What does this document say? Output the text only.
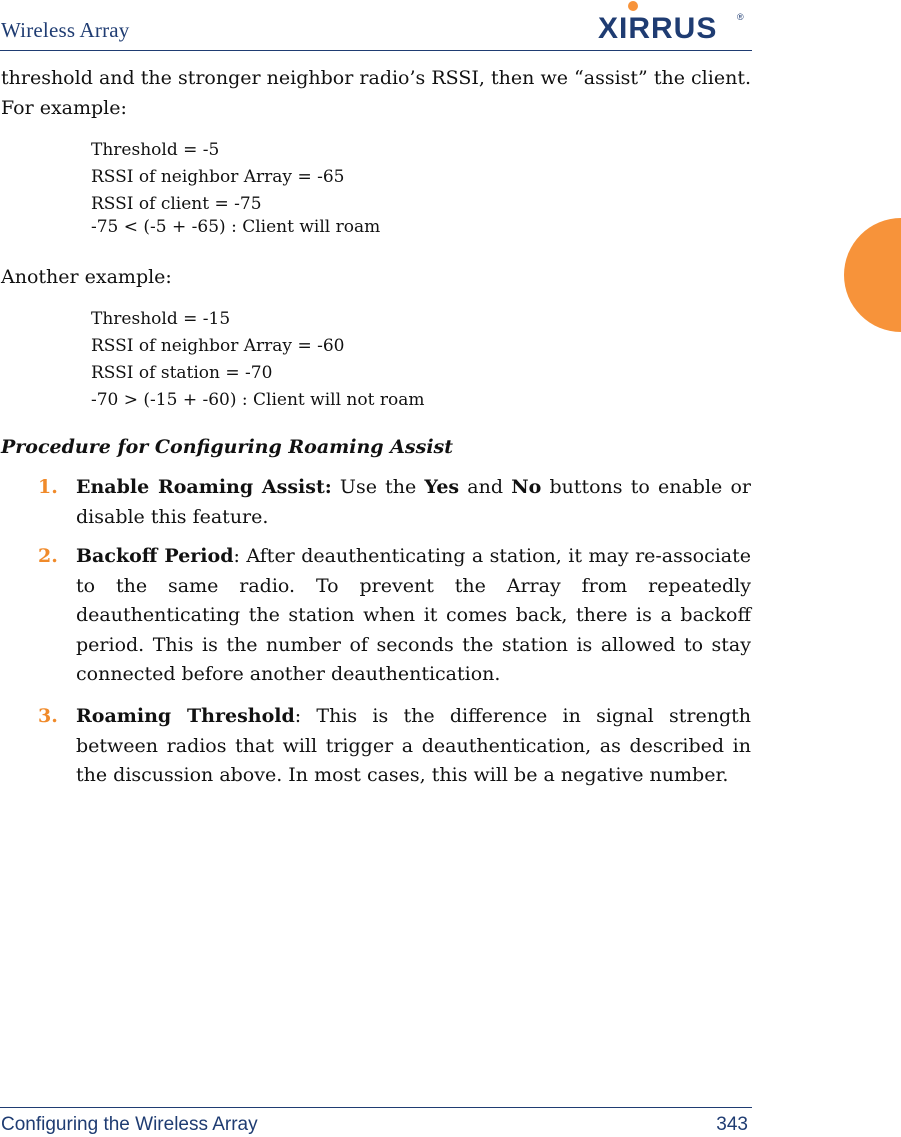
Wireless Array	XIRRUS ®

threshold and the stronger neighbor radio’s RSSI, then we “assist” the client. For example:

Threshold = -5

RSSI of neighbor Array = -65

RSSI of client = -75

-75 < (-5 + -65) : Client will roam

Another example:

Threshold = -15

RSSI of neighbor Array = -60

RSSI of station = -70

-70 > (-15 + -60) : Client will not roam

Procedure for Configuring Roaming Assist

1. Enable Roaming Assist: Use the Yes and No buttons to enable or disable this feature.

2. Backoff Period: After deauthenticating a station, it may re-associate to the same radio. To prevent the Array from repeatedly deauthenticating the station when it comes back, there is a backoff period. This is the number of seconds the station is allowed to stay connected before another deauthentication.

3. Roaming Threshold: This is the difference in signal strength between radios that will trigger a deauthentication, as described in the discussion above. In most cases, this will be a negative number.

Configuring the Wireless Array	343
